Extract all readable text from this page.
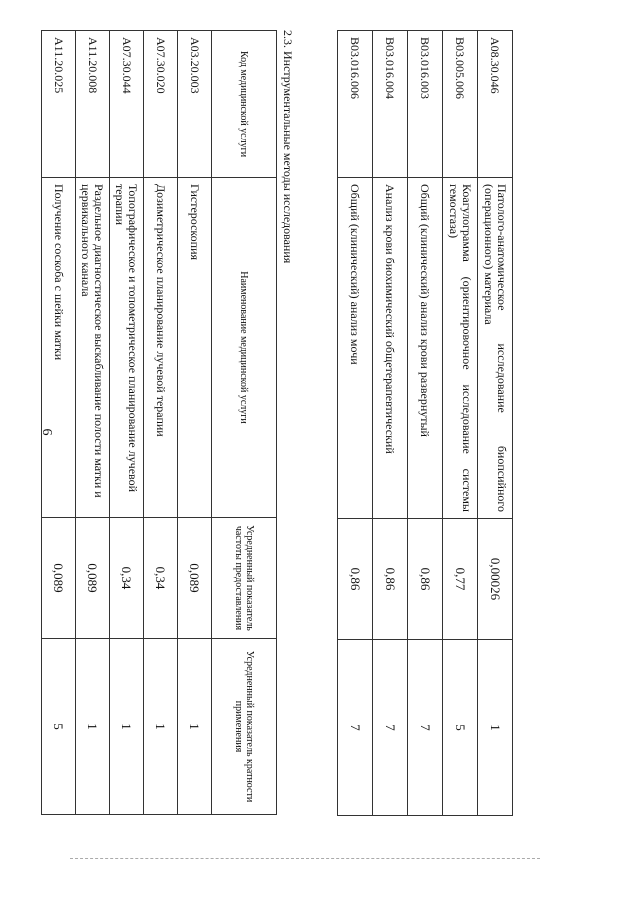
6
А08.30.046	Патолого-анатомическое исследование биопсийного (операционного) материала	0,00026	1
В03.005.006	Коагулограмма (ориентировочное исследование системы гемостаза)	0,77	5
В03.016.003	Общий (клинический) анализ крови развернутый	0,86	7
В03.016.004	Анализ крови биохимический общетерапевтический	0,86	7
В03.016.006	Общий (клинический) анализ мочи	0,86	7
2.3. Инструментальные методы исследования
Код медицинской услуги	Наименование медицинской услуги	Усредненный показатель частоты предоставления	Усредненный показатель кратности применения
А03.20.003	Гистероскопия	0,089	1
А07.30.020	Дозиметрическое планирование лучевой терапии	0,34	1
А07.30.044	Топографическое и топометрическое планирование лучевой терапии	0,34	1
А11.20.008	Раздельное диагностическое выскабливание полости матки и цервикального канала	0,089	1
А11.20.025	Получение соскоба с шейки матки	0,089	5
